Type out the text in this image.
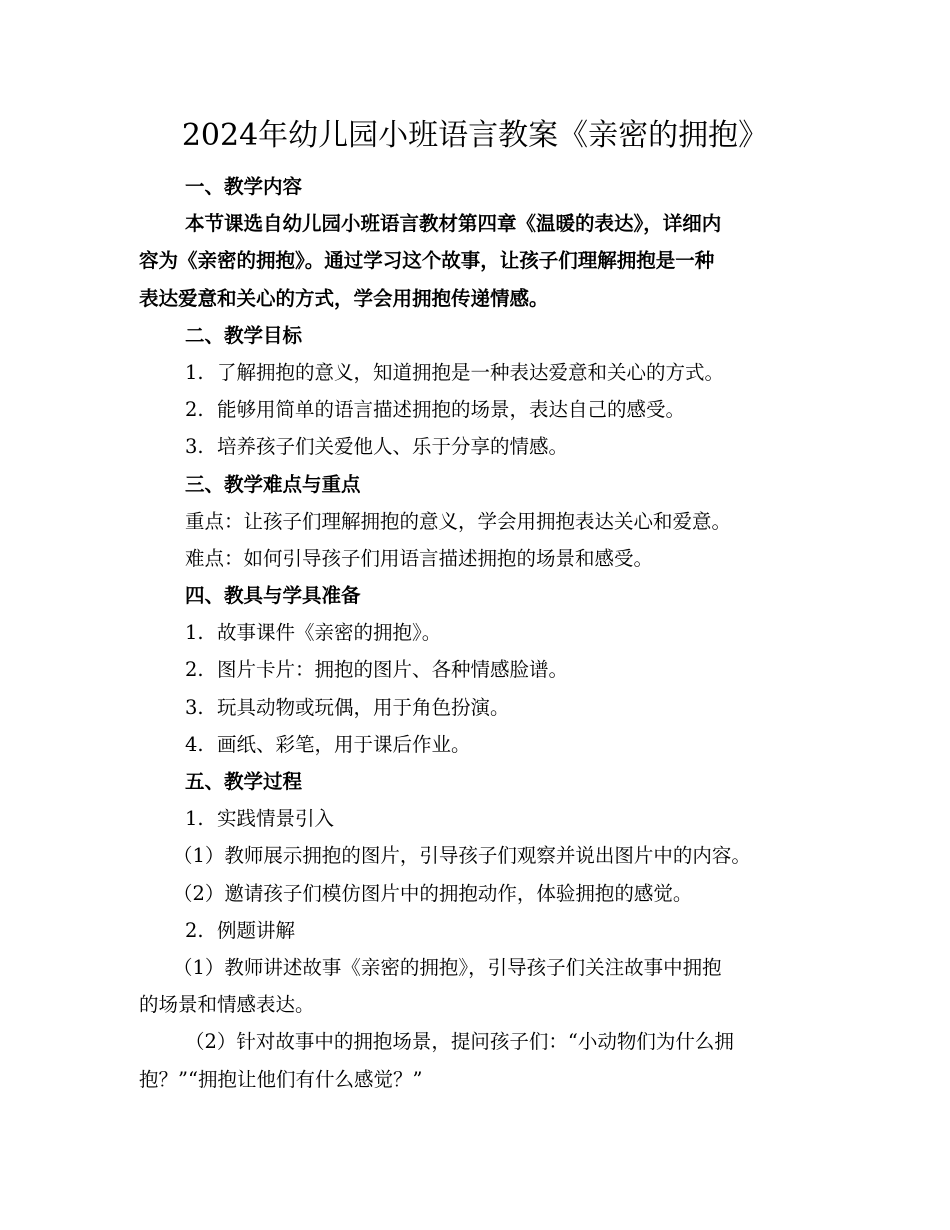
2024年幼儿园小班语言教案《亲密的拥抱》

一、教学内容

本节课选自幼儿园小班语言教材第四章《温暖的表达》，详细内

容为《亲密的拥抱》。通过学习这个故事，让孩子们理解拥抱是一种

表达爱意和关心的方式，学会用拥抱传递情感。

二、教学目标

1. 了解拥抱的意义，知道拥抱是一种表达爱意和关心的方式。

2. 能够用简单的语言描述拥抱的场景，表达自己的感受。

3. 培养孩子们关爱他人、乐于分享的情感。

三、教学难点与重点

重点：让孩子们理解拥抱的意义，学会用拥抱表达关心和爱意。

难点：如何引导孩子们用语言描述拥抱的场景和感受。

四、教具与学具准备

1. 故事课件《亲密的拥抱》。

2. 图片卡片：拥抱的图片、各种情感脸谱。

3. 玩具动物或玩偶，用于角色扮演。

4. 画纸、彩笔，用于课后作业。

五、教学过程

1. 实践情景引入

（1）教师展示拥抱的图片，引导孩子们观察并说出图片中的内容。

（2）邀请孩子们模仿图片中的拥抱动作，体验拥抱的感觉。

2. 例题讲解

（1）教师讲述故事《亲密的拥抱》，引导孩子们关注故事中拥抱

的场景和情感表达。

（2）针对故事中的拥抱场景，提问孩子们：“小动物们为什么拥

抱？”“拥抱让他们有什么感觉？”
